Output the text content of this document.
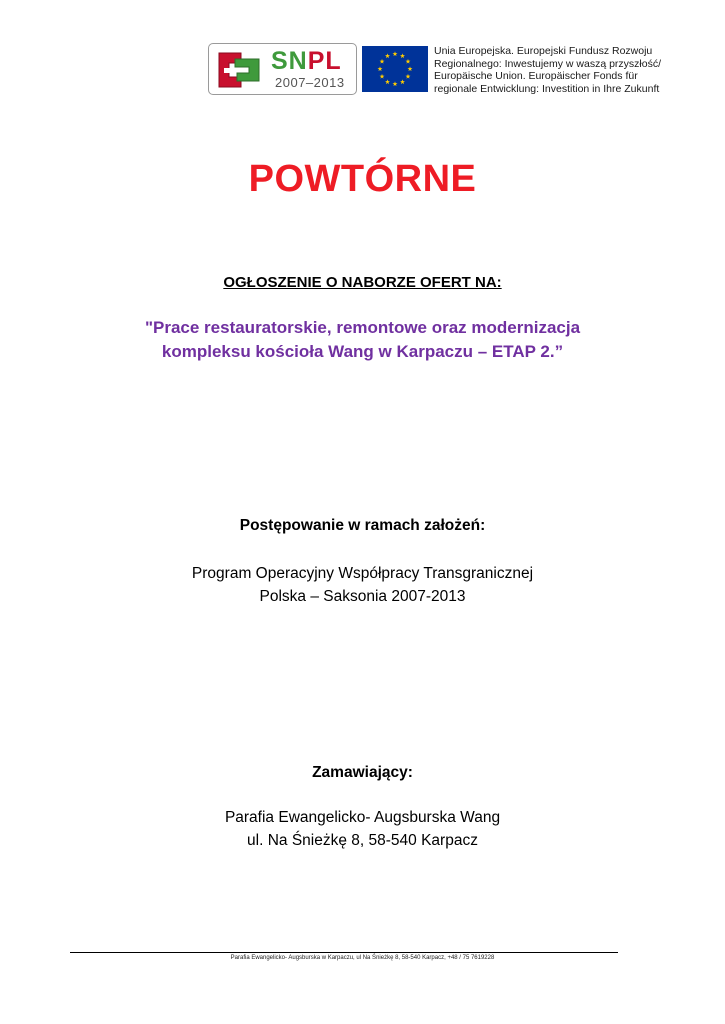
SNPL
2007–2013
Unia Europejska. Europejski Fundusz Rozwoju
Regionalnego: Inwestujemy w waszą przyszłość/
Europäische Union. Europäischer Fonds für
regionale Entwicklung: Investition in Ihre Zukunft
POWTÓRNE
OGŁOSZENIE O NABORZE OFERT NA:
"Prace restauratorskie, remontowe oraz modernizacja
kompleksu kościoła Wang w Karpaczu – ETAP 2.”
Postępowanie w ramach założeń:
Program Operacyjny Współpracy Transgranicznej
Polska – Saksonia 2007-2013
Zamawiający:
Parafia Ewangelicko- Augsburska Wang
ul. Na Śnieżkę 8, 58-540 Karpacz
Parafia Ewangelicko- Augsburska w Karpaczu, ul Na Śnieżkę 8, 58-540 Karpacz, +48 / 75 7619228
